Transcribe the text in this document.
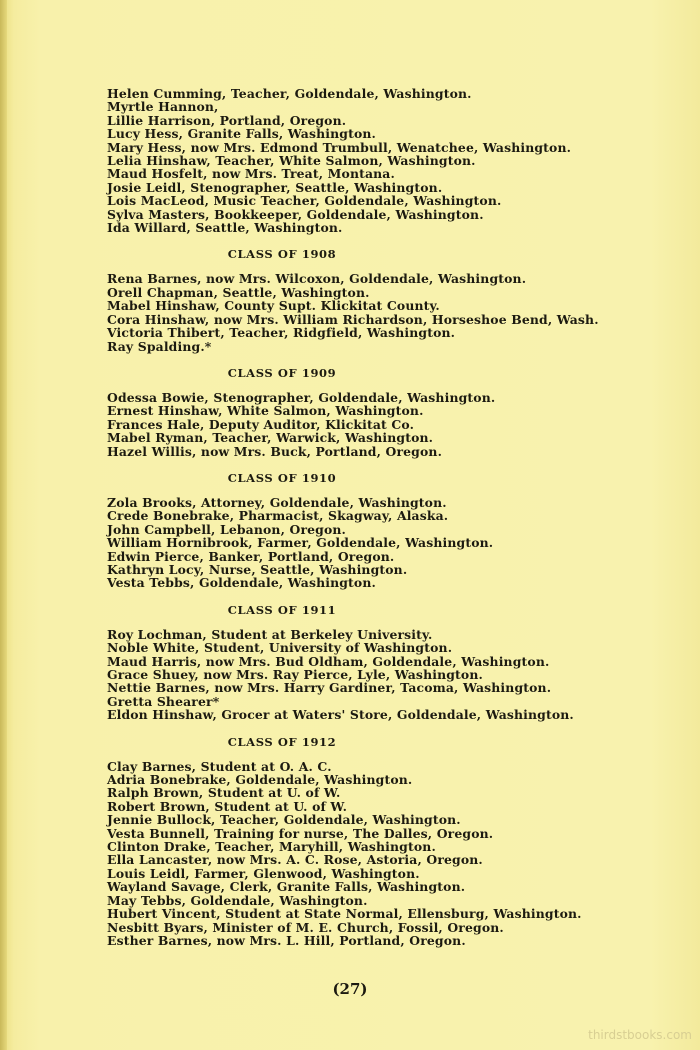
Helen Cumming, Teacher, Goldendale, Washington.
Myrtle Hannon,
Lillie Harrison, Portland, Oregon.
Lucy Hess, Granite Falls, Washington.
Mary Hess, now Mrs. Edmond Trumbull, Wenatchee, Washington.
Lelia Hinshaw, Teacher, White Salmon, Washington.
Maud Hosfelt, now Mrs. Treat, Montana.
Josie Leidl, Stenographer, Seattle, Washington.
Lois MacLeod, Music Teacher, Goldendale, Washington.
Sylva Masters, Bookkeeper, Goldendale, Washington.
Ida Willard, Seattle, Washington.
CLASS OF 1908
Rena Barnes, now Mrs. Wilcoxon, Goldendale, Washington.
Orell Chapman, Seattle, Washington.
Mabel Hinshaw, County Supt. Klickitat County.
Cora Hinshaw, now Mrs. William Richardson, Horseshoe Bend, Wash.
Victoria Thibert, Teacher, Ridgfield, Washington.
Ray Spalding.*
CLASS OF 1909
Odessa Bowie, Stenographer, Goldendale, Washington.
Ernest Hinshaw, White Salmon, Washington.
Frances Hale, Deputy Auditor, Klickitat Co.
Mabel Ryman, Teacher, Warwick, Washington.
Hazel Willis, now Mrs. Buck, Portland, Oregon.
CLASS OF 1910
Zola Brooks, Attorney, Goldendale, Washington.
Crede Bonebrake, Pharmacist, Skagway, Alaska.
John Campbell, Lebanon, Oregon.
William Hornibrook, Farmer, Goldendale, Washington.
Edwin Pierce, Banker, Portland, Oregon.
Kathryn Locy, Nurse, Seattle, Washington.
Vesta Tebbs, Goldendale, Washington.
CLASS OF 1911
Roy Lochman, Student at Berkeley University.
Noble White, Student, University of Washington.
Maud Harris, now Mrs. Bud Oldham, Goldendale, Washington.
Grace Shuey, now Mrs. Ray Pierce, Lyle, Washington.
Nettie Barnes, now Mrs. Harry Gardiner, Tacoma, Washington.
Gretta Shearer*
Eldon Hinshaw, Grocer at Waters' Store, Goldendale, Washington.
CLASS OF 1912
Clay Barnes, Student at O. A. C.
Adria Bonebrake, Goldendale, Washington.
Ralph Brown, Student at U. of W.
Robert Brown, Student at U. of W.
Jennie Bullock, Teacher, Goldendale, Washington.
Vesta Bunnell, Training for nurse, The Dalles, Oregon.
Clinton Drake, Teacher, Maryhill, Washington.
Ella Lancaster, now Mrs. A. C. Rose, Astoria, Oregon.
Louis Leidl, Farmer, Glenwood, Washington.
Wayland Savage, Clerk, Granite Falls, Washington.
May Tebbs, Goldendale, Washington.
Hubert Vincent, Student at State Normal, Ellensburg, Washington.
Nesbitt Byars, Minister of M. E. Church, Fossil, Oregon.
Esther Barnes, now Mrs. L. Hill, Portland, Oregon.
(27)
thirdstbooks.com
